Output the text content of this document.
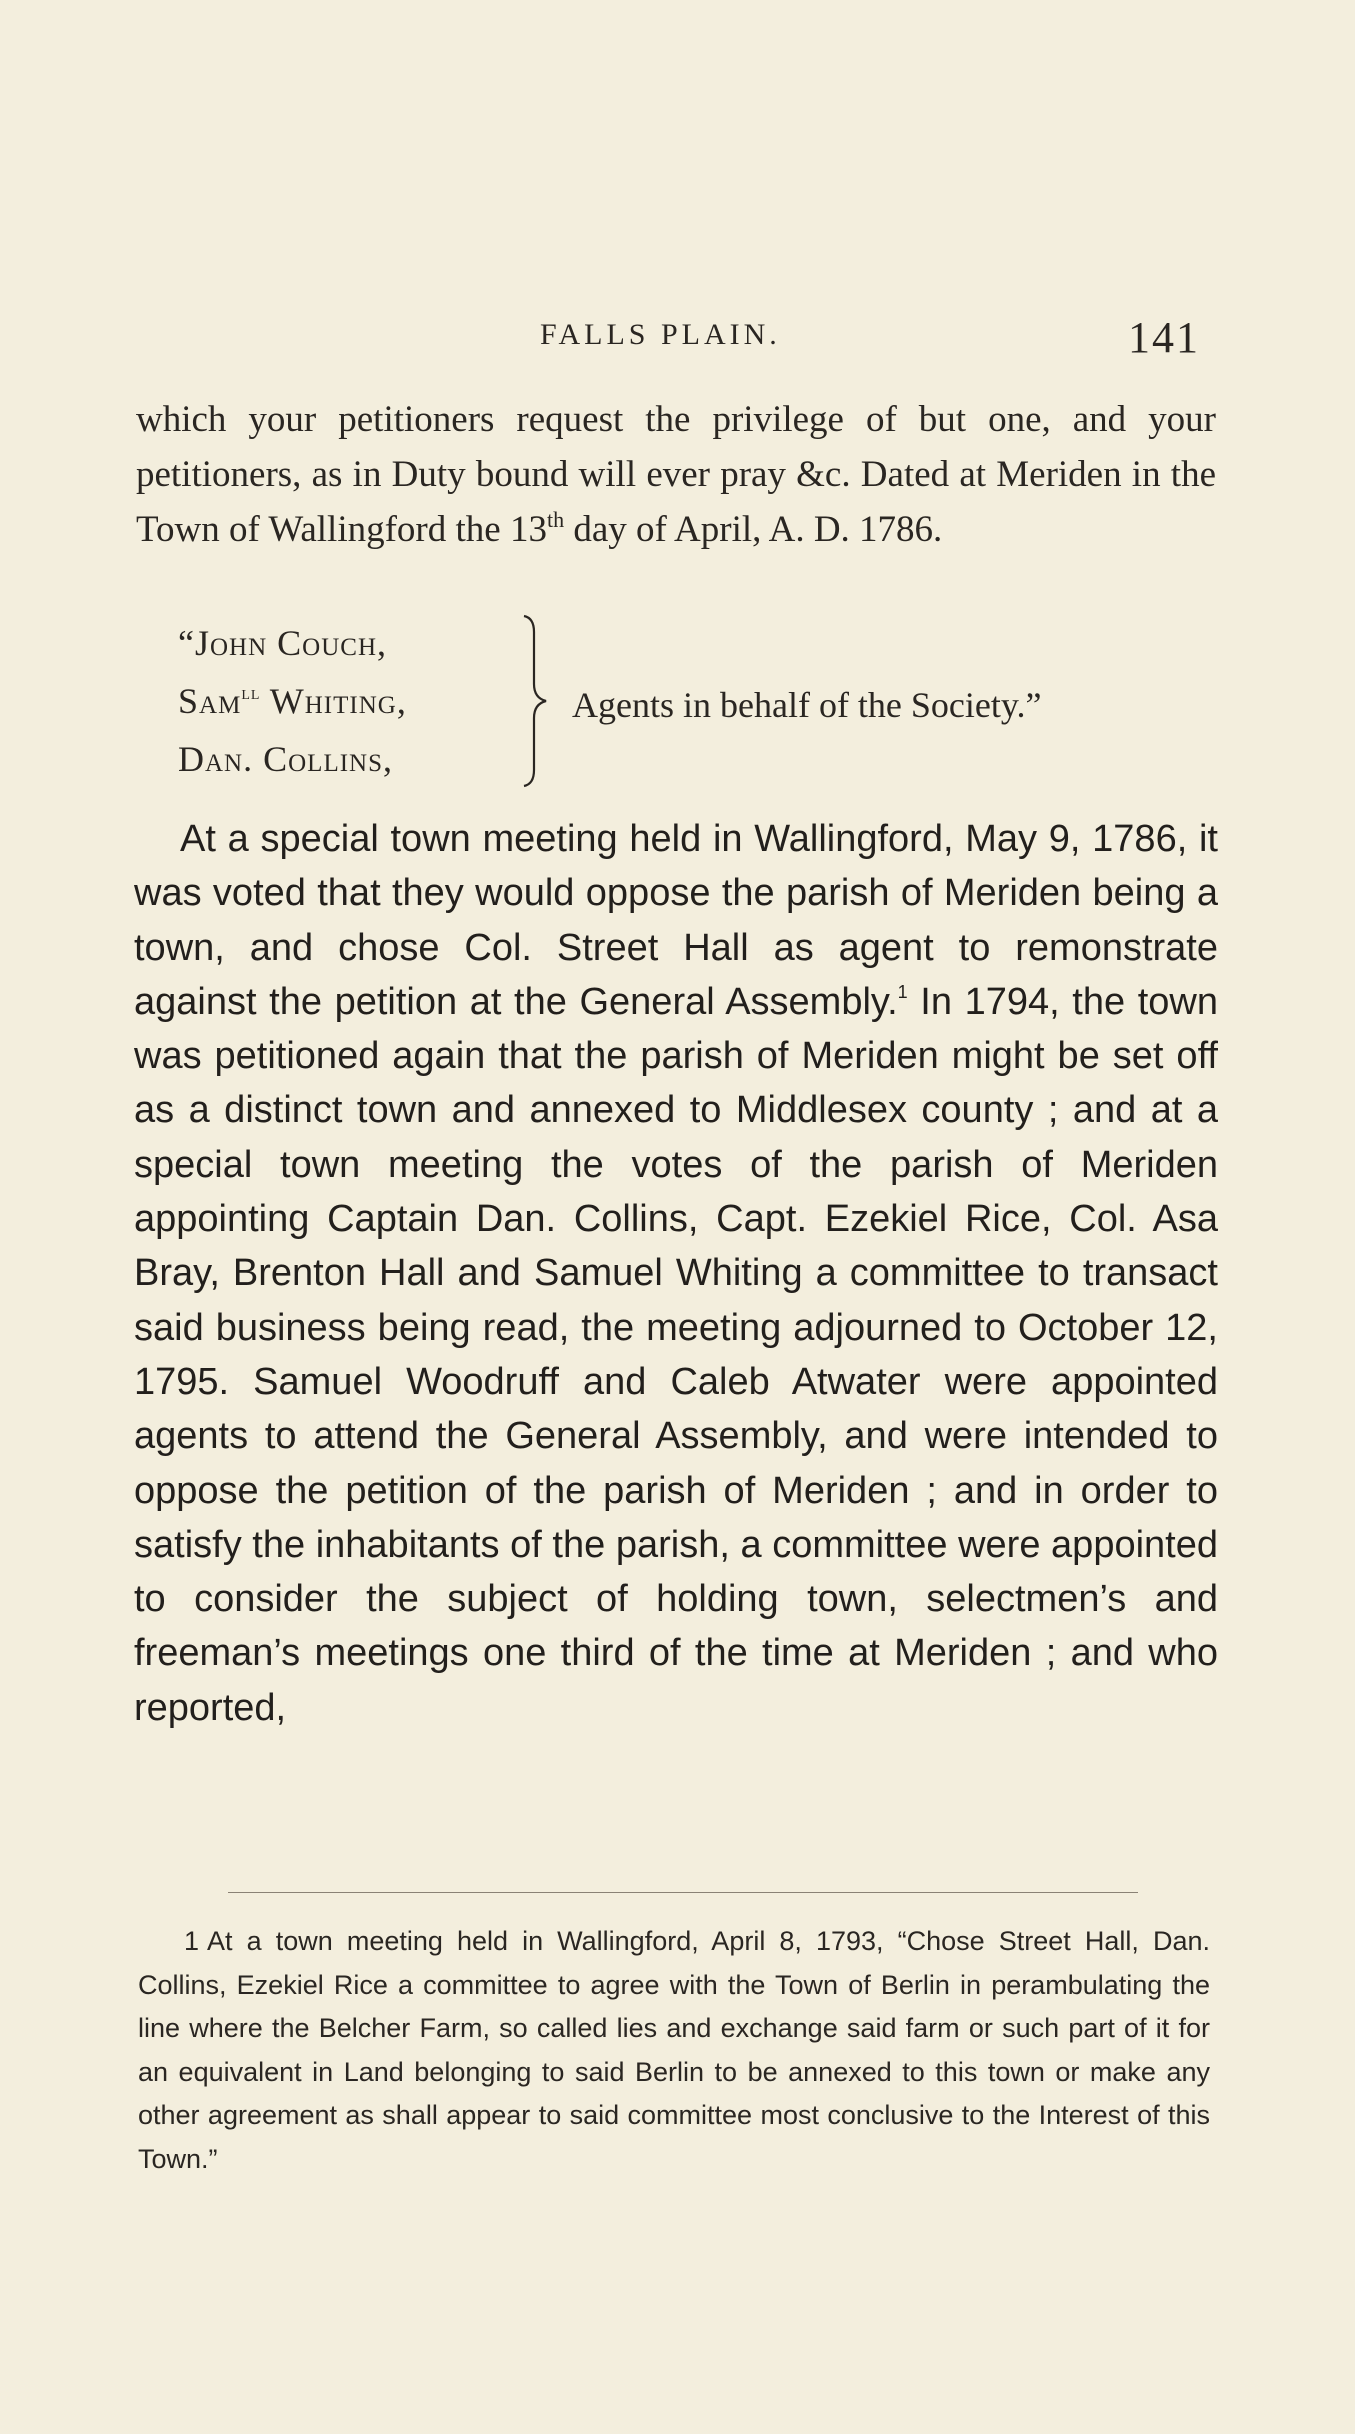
FALLS PLAIN.	141

which your petitioners request the privilege of but one, and your petitioners, as in Duty bound will ever pray &c. Dated at Meriden in the Town of Wallingford the 13th day of April, A. D. 1786.

“John Couch,
Sam$^{ll}$ Whiting,
Dan. Collins,
Agents in behalf of the Society.”

At a special town meeting held in Wallingford, May 9, 1786, it was voted that they would oppose the parish of Meriden being a town, and chose Col. Street Hall as agent to remonstrate against the petition at the General Assembly.$^1$ In 1794, the town was petitioned again that the parish of Meriden might be set off as a distinct town and annexed to Middlesex county ; and at a special town meeting the votes of the parish of Meriden appointing Captain Dan. Collins, Capt. Ezekiel Rice, Col. Asa Bray, Brenton Hall and Samuel Whiting a committee to transact said business being read, the meeting adjourned to October 12, 1795. Samuel Woodruff and Caleb Atwater were appointed agents to attend the General Assembly, and were intended to oppose the petition of the parish of Meriden ; and in order to satisfy the inhabitants of the parish, a committee were appointed to consider the subject of holding town, selectmen’s and freeman’s meetings one third of the time at Meriden ; and who reported,

1 At a town meeting held in Wallingford, April 8, 1793, “Chose Street Hall, Dan. Collins, Ezekiel Rice a committee to agree with the Town of Berlin in perambulating the line where the Belcher Farm, so called lies and exchange said farm or such part of it for an equivalent in Land belonging to said Berlin to be annexed to this town or make any other agreement as shall appear to said committee most conclusive to the Interest of this Town.”
